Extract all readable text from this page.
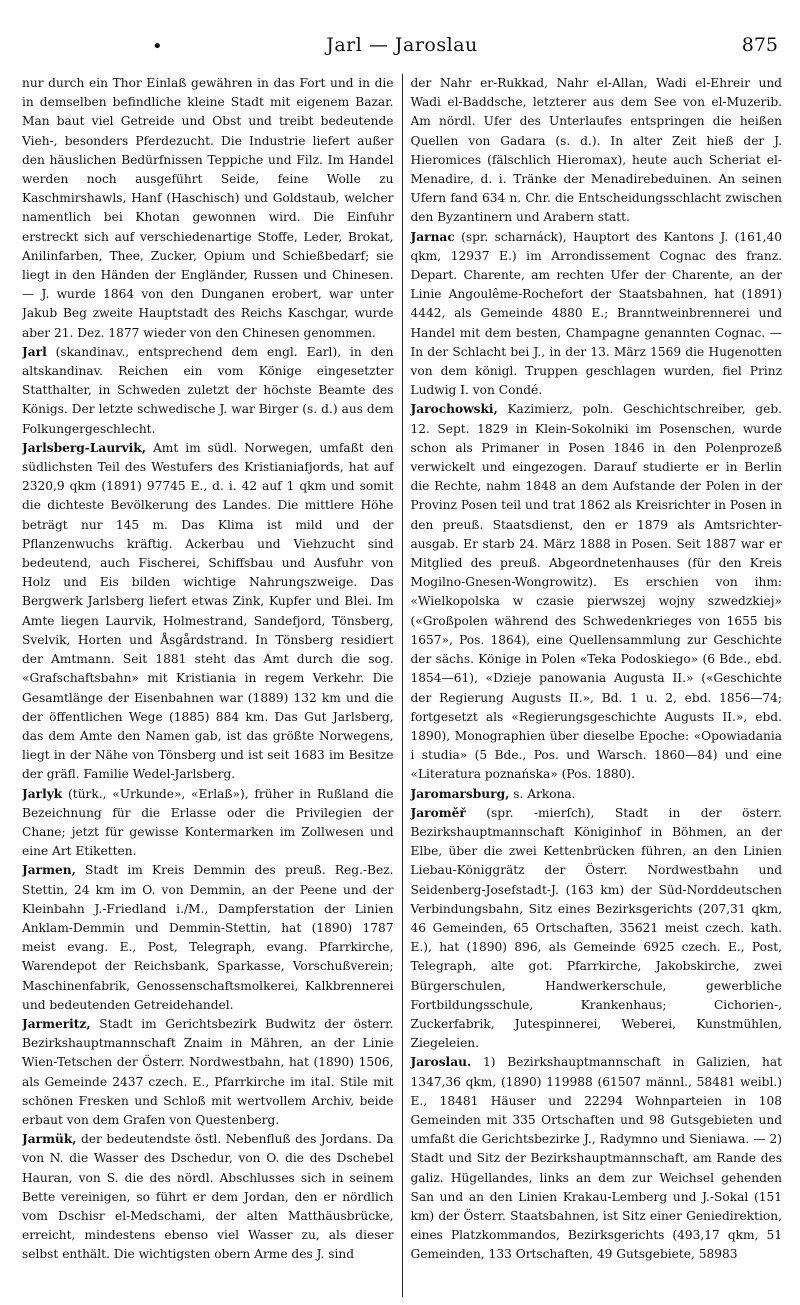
•	Jarl — Jaroslau	875

nur durch ein Thor Einlaß gewähren in das Fort und in die in demselben befindliche kleine Stadt mit eigenem Bazar. Man baut viel Getreide und Obst und treibt bedeutende Vieh-, besonders Pferdezucht. Die Industrie liefert außer den häuslichen Bedürfnissen Teppiche und Filz. Im Handel werden noch ausgeführt Seide, feine Wolle zu Kaschmirshawls, Hanf (Haschisch) und Goldstaub, welcher namentlich bei Khotan gewonnen wird. Die Einfuhr erstreckt sich auf verschiedenartige Stoffe, Leder, Brokat, Anilinfarben, Thee, Zucker, Opium und Schießbedarf; sie liegt in den Händen der Engländer, Russen und Chinesen. — J. wurde 1864 von den Dunganen erobert, war unter Jakub Beg zweite Hauptstadt des Reichs Kaschgar, wurde aber 21. Dez. 1877 wieder von den Chinesen genommen.

Jarl (skandinav., entsprechend dem engl. Earl), in den altskandinav. Reichen ein vom Könige eingesetzter Statthalter, in Schweden zuletzt der höchste Beamte des Königs. Der letzte schwedische J. war Birger (s. d.) aus dem Folkungergeschlecht.

Jarlsberg-Laurvik, Amt im südl. Norwegen, umfaßt den südlichsten Teil des Westufers des Kristianiafjords, hat auf 2320,9 qkm (1891) 97745 E., d. i. 42 auf 1 qkm und somit die dichteste Bevölkerung des Landes. Die mittlere Höhe beträgt nur 145 m. Das Klima ist mild und der Pflanzenwuchs kräftig. Ackerbau und Viehzucht sind bedeutend, auch Fischerei, Schiffsbau und Ausfuhr von Holz und Eis bilden wichtige Nahrungszweige. Das Bergwerk Jarlsberg liefert etwas Zink, Kupfer und Blei. Im Amte liegen Laurvik, Holmestrand, Sandefjord, Tönsberg, Svelvik, Horten und Åsgårdstrand. In Tönsberg residiert der Amtmann. Seit 1881 steht das Amt durch die sog. «Grafschaftsbahn» mit Kristiania in regem Verkehr. Die Gesamtlänge der Eisenbahnen war (1889) 132 km und die der öffentlichen Wege (1885) 884 km. Das Gut Jarlsberg, das dem Amte den Namen gab, ist das größte Norwegens, liegt in der Nähe von Tönsberg und ist seit 1683 im Besitze der gräfl. Familie Wedel-Jarlsberg.

Jarlyk (türk., «Urkunde», «Erlaß»), früher in Rußland die Bezeichnung für die Erlasse oder die Privilegien der Chane; jetzt für gewisse Kontermarken im Zollwesen und eine Art Etiketten.

Jarmen, Stadt im Kreis Demmin des preuß. Reg.-Bez. Stettin, 24 km im O. von Demmin, an der Peene und der Kleinbahn J.-Friedland i./M., Dampferstation der Linien Anklam-Demmin und Demmin-Stettin, hat (1890) 1787 meist evang. E., Post, Telegraph, evang. Pfarrkirche, Warendepot der Reichsbank, Sparkasse, Vorschußverein; Maschinenfabrik, Genossenschaftsmolkerei, Kalkbrennerei und bedeutenden Getreidehandel.

Jarmeritz, Stadt im Gerichtsbezirk Budwitz der österr. Bezirkshauptmannschaft Znaim in Mähren, an der Linie Wien-Tetschen der Österr. Nordwestbahn, hat (1890) 1506, als Gemeinde 2437 czech. E., Pfarrkirche im ital. Stile mit schönen Fresken und Schloß mit wertvollem Archiv, beide erbaut von dem Grafen von Questenberg.

Jarmük, der bedeutendste östl. Nebenfluß des Jordans. Da von N. die Wasser des Dschedur, von O. die des Dschebel Hauran, von S. die des nördl. Abschlusses sich in seinem Bette vereinigen, so führt er dem Jordan, den er nördlich vom Dschisr el-Medschami, der alten Matthäusbrücke, erreicht, mindestens ebenso viel Wasser zu, als dieser selbst enthält. Die wichtigsten obern Arme des J. sind

der Nahr er-Rukkad, Nahr el-Allan, Wadi el-Ehreir und Wadi el-Baddsche, letzterer aus dem See von el-Muzerib. Am nördl. Ufer des Unterlaufes entspringen die heißen Quellen von Gadara (s. d.). In alter Zeit hieß der J. Hieromices (fälschlich Hieromax), heute auch Scheriat el-Menadire, d. i. Tränke der Menadirebeduinen. An seinen Ufern fand 634 n. Chr. die Entscheidungsschlacht zwischen den Byzantinern und Arabern statt.

Jarnac (spr. scharnáck), Hauptort des Kantons J. (161,40 qkm, 12937 E.) im Arrondissement Cognac des franz. Depart. Charente, am rechten Ufer der Charente, an der Linie Angoulême-Rochefort der Staatsbahnen, hat (1891) 4442, als Gemeinde 4880 E.; Branntweinbrennerei und Handel mit dem besten, Champagne genannten Cognac. — In der Schlacht bei J., in der 13. März 1569 die Hugenotten von dem königl. Truppen geschlagen wurden, fiel Prinz Ludwig I. von Condé.

Jarochowski, Kazimierz, poln. Geschichtschreiber, geb. 12. Sept. 1829 in Klein-Sokolniki im Posenschen, wurde schon als Primaner in Posen 1846 in den Polenprozeß verwickelt und eingezogen. Darauf studierte er in Berlin die Rechte, nahm 1848 an dem Aufstande der Polen in der Provinz Posen teil und trat 1862 als Kreisrichter in Posen in den preuß. Staatsdienst, den er 1879 als Amtsrichter-ausgab. Er starb 24. März 1888 in Posen. Seit 1887 war er Mitglied des preuß. Abgeordnetenhauses (für den Kreis Mogilno-Gnesen-Wongrowitz). Es erschien von ihm: «Wielkopolska w czasie pierwszej wojny szwedzkiej» («Großpolen während des Schwedenkrieges von 1655 bis 1657», Pos. 1864), eine Quellensammlung zur Geschichte der sächs. Könige in Polen «Teka Podoskiego» (6 Bde., ebd. 1854—61), «Dzieje panowania Augusta II.» («Geschichte der Regierung Augusts II.», Bd. 1 u. 2, ebd. 1856—74; fortgesetzt als «Regierungsgeschichte Augusts II.», ebd. 1890), Monographien über dieselbe Epoche: «Opowiadania i studia» (5 Bde., Pos. und Warsch. 1860—84) und eine «Literatura poznańska» (Pos. 1880).

Jaromarsburg, s. Arkona.

Jaroměř (spr. -mierſch), Stadt in der österr. Bezirkshauptmannschaft Königinhof in Böhmen, an der Elbe, über die zwei Kettenbrücken führen, an den Linien Liebau-Königgrätz der Österr. Nordwestbahn und Seidenberg-Josefstadt-J. (163 km) der Süd-Norddeutschen Verbindungsbahn, Sitz eines Bezirksgerichts (207,31 qkm, 46 Gemeinden, 65 Ortschaften, 35621 meist czech. kath. E.), hat (1890) 896, als Gemeinde 6925 czech. E., Post, Telegraph, alte got. Pfarrkirche, Jakobskirche, zwei Bürgerschulen, Handwerkerschule, gewerbliche Fortbildungsschule, Krankenhaus; Cichorien-, Zuckerfabrik, Jutespinnerei, Weberei, Kunstmühlen, Ziegeleien.

Jaroslau. 1) Bezirkshauptmannschaft in Galizien, hat 1347,36 qkm, (1890) 119988 (61507 männl., 58481 weibl.) E., 18481 Häuser und 22294 Wohnparteien in 108 Gemeinden mit 335 Ortschaften und 98 Gutsgebieten und umfaßt die Gerichtsbezirke J., Radymno und Sieniawa. — 2) Stadt und Sitz der Bezirkshauptmannschaft, am Rande des galiz. Hügellandes, links an dem zur Weichsel gehenden San und an den Linien Krakau-Lemberg und J.-Sokal (151 km) der Österr. Staatsbahnen, ist Sitz einer Geniedirektion, eines Platzkommandos, Bezirksgerichts (493,17 qkm, 51 Gemeinden, 133 Ortschaften, 49 Gutsgebiete, 58983
